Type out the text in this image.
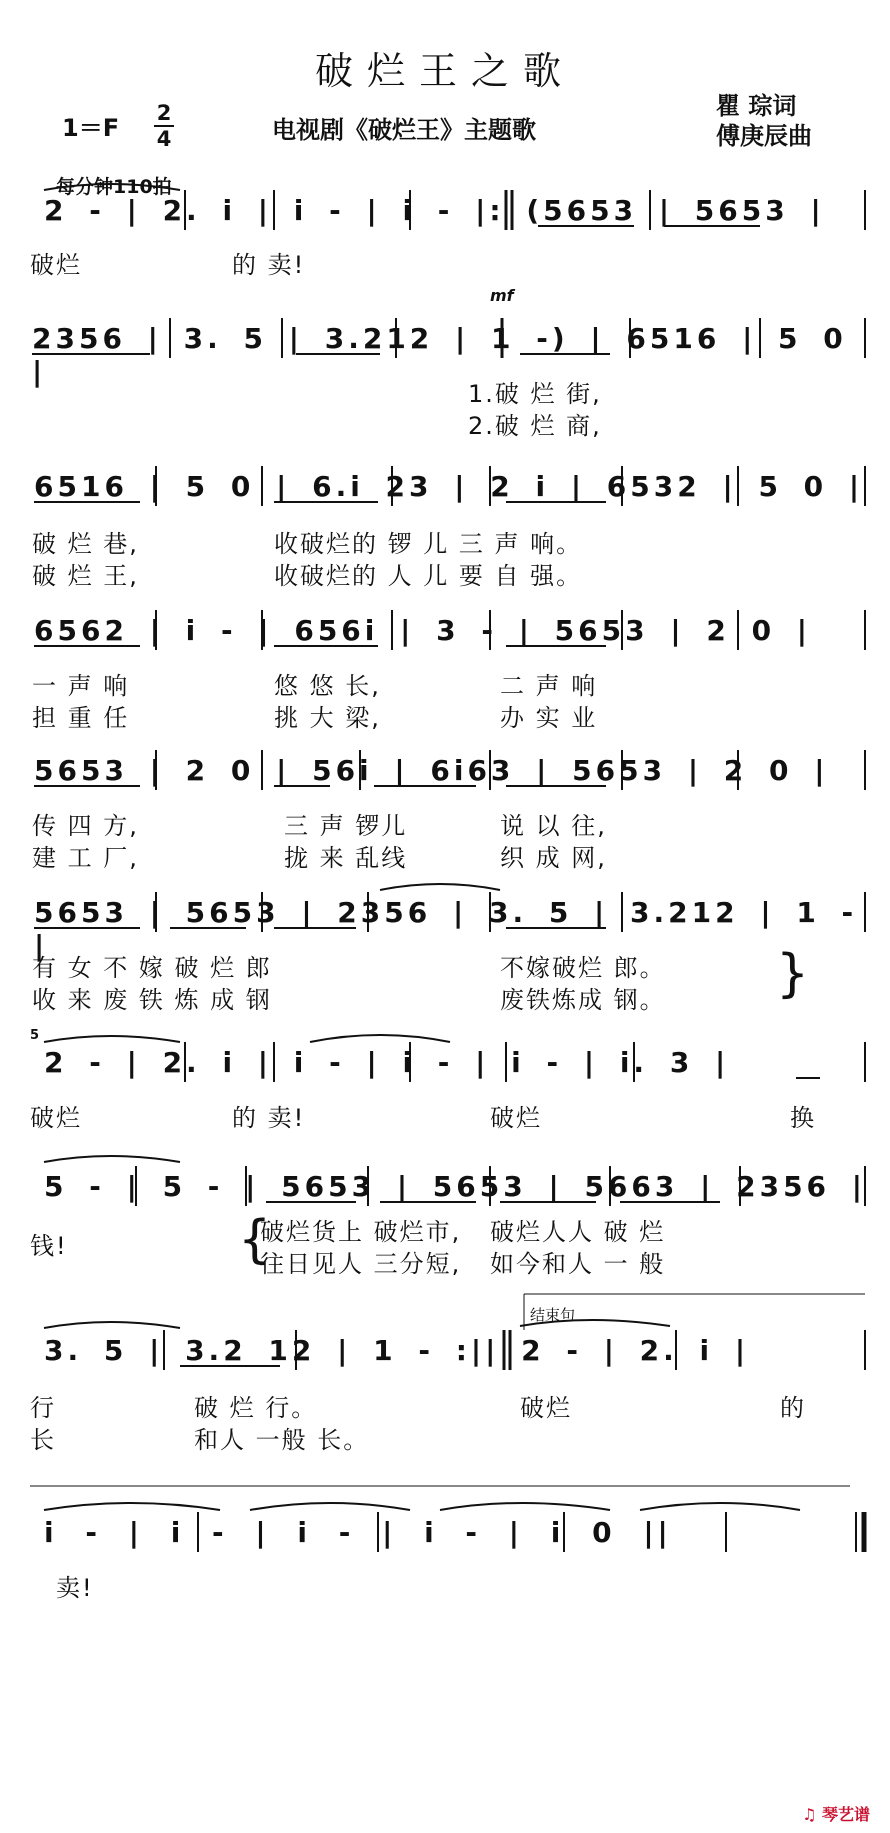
破烂王之歌
1＝F
2
4	电视剧《破烂王》主题歌
瞿 琮词
傅庚辰曲
每分钟110拍
2 - | 2. i | i - | i - |: (5653 | 5653 |
破烂	的 卖!
mf
2356 | 3. 5 | 3.212 | 1 -) | 6516 | 5 0 |
1.破 烂 街,
2.破 烂 商,
6516 | 5 0 | 6.i 23 | 2 i | 6532 | 5 0 |
破 烂 巷,	收破烂的 锣 儿 三 声 响。
破 烂 王,	收破烂的 人 儿 要 自 强。
6562 | i - | 656i | 3 - | 5653 | 2 0 |
一 声 响	悠 悠 长,	二 声 响
担 重 任	挑 大 梁,	办 实 业
5653 | 2 0 | 56i | 6i63 | 5653 | 2 0 |
传 四 方,	三 声 锣儿	说 以 往,
建 工 厂,	拢 来 乱线	织 成 网,
5653 | 5653 | 2356 | 3. 5 | 3.212 | 1 - |
有 女 不 嫁 破 烂 郎	不嫁破烂 郎。
收 来 废 铁 炼 成 钢	废铁炼成 钢。 }
5
2 - | 2. i | i - | i - | i - | i. 3 |
破烂	的 卖!	破烂	换
5 - | 5 - | 5653 | 5653 | 5663 | 2356 |
钱!	{
破烂货上 破烂市, 破烂人人 破 烂
往日见人 三分短, 如今和人 一 般
结束句
3. 5 | 3.2 12 | 1 - :|| 2 - | 2. i |
行	破 烂 行。	破烂	的
长	和人 一般 长。
i - | i - | i - | i - | i 0 ||
卖!
♫ 琴艺谱
